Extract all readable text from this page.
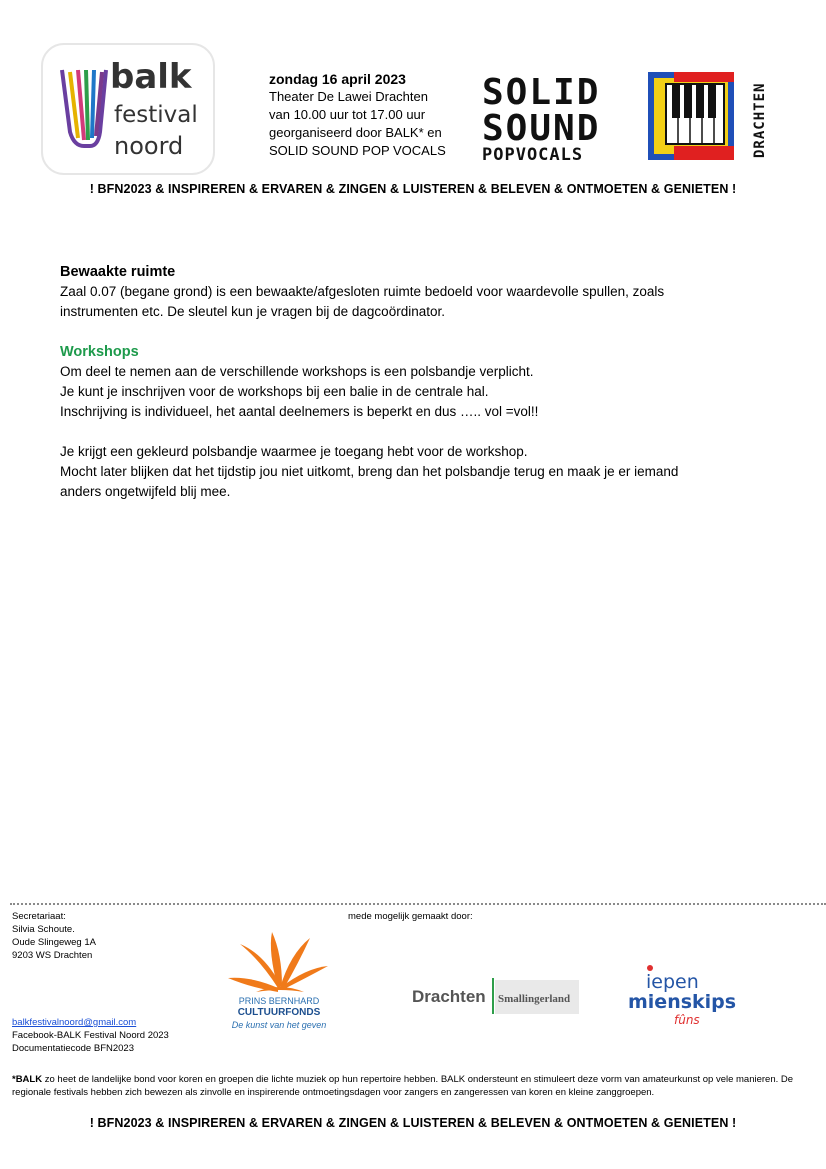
balk
festival
noord
zondag 16 april 2023
Theater De Lawei Drachten
van 10.00 uur tot 17.00 uur
georganiseerd door BALK* en
SOLID SOUND POP VOCALS
SOLID
SOUND
POPVOCALS	DRACHTEN
! BFN2023 & INSPIREREN & ERVAREN & ZINGEN & LUISTEREN & BELEVEN & ONTMOETEN & GENIETEN !
Bewaakte ruimte

Zaal 0.07 (begane grond) is een bewaakte/afgesloten ruimte bedoeld voor waardevolle spullen, zoals

instrumenten etc. De sleutel kun je vragen bij de dagcoördinator.

Workshops

Om deel te nemen aan de verschillende workshops is een polsbandje verplicht.

Je kunt je inschrijven voor de workshops bij een balie in de centrale hal.

Inschrijving is individueel, het aantal deelnemers is beperkt en dus ….. vol =vol!!

Je krijgt een gekleurd polsbandje waarmee je toegang hebt voor de workshop.

Mocht later blijken dat het tijdstip jou niet uitkomt, breng dan het polsbandje terug en maak je er iemand

anders ongetwijfeld blij mee.

Secretariaat:
Silvia Schoute.
Oude Slingeweg 1A
9203 WS Drachten
balkfestivalnoord@gmail.com
Facebook-BALK Festival Noord 2023
Documentatiecode BFN2023
mede mogelijk gemaakt door:
PRINS BERNHARD
CULTUURFONDS
De kunst van het geven
Drachten Smallingerland
iepen
mienskips
fûns
*BALK zo heet de landelijke bond voor koren en groepen die lichte muziek op hun repertoire hebben. BALK ondersteunt en stimuleert deze vorm van amateurkunst op vele manieren. De regionale festivals hebben zich bewezen als zinvolle en inspirerende ontmoetingsdagen voor zangers en zangeressen van koren en kleine zanggroepen.
! BFN2023 & INSPIREREN & ERVAREN & ZINGEN & LUISTEREN & BELEVEN & ONTMOETEN & GENIETEN !
